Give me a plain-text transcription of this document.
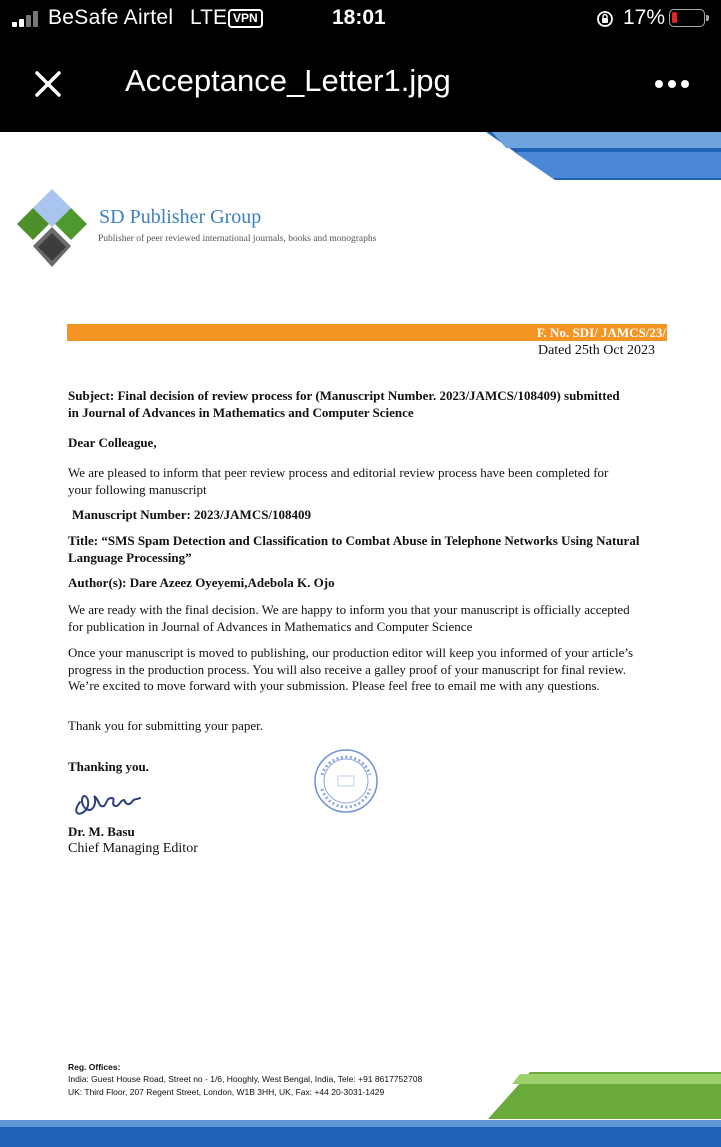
BeSafe Airtel LTE VPN	18:01	17%
Acceptance_Letter1.jpg
SD Publisher Group
Publisher of peer reviewed international journals, books and monographs
F. No. SDI/ JAMCS/23/
Dated 25th Oct 2023
Subject: Final decision of review process for (Manuscript Number. 2023/JAMCS/108409) submitted
in Journal of Advances in Mathematics and Computer Science
Dear Colleague,
We are pleased to inform that peer review process and editorial review process have been completed for
your following manuscript
Manuscript Number: 2023/JAMCS/108409
Title: “SMS Spam Detection and Classification to Combat Abuse in Telephone Networks Using Natural
Language Processing”
Author(s): Dare Azeez Oyeyemi,Adebola K. Ojo
We are ready with the final decision. We are happy to inform you that your manuscript is officially accepted
for publication in Journal of Advances in Mathematics and Computer Science
Once your manuscript is moved to publishing, our production editor will keep you informed of your article’s
progress in the production process. You will also receive a galley proof of your manuscript for final review.
We’re excited to move forward with your submission. Please feel free to email me with any questions.
Thank you for submitting your paper.
Thanking you.
Dr. M. Basu
Chief Managing Editor
Reg. Offices:
India: Guest House Road, Street no - 1/6, Hooghly, West Bengal, India, Tele: +91 8617752708
UK: Third Floor, 207 Regent Street, London, W1B 3HH, UK, Fax: +44 20-3031-1429
